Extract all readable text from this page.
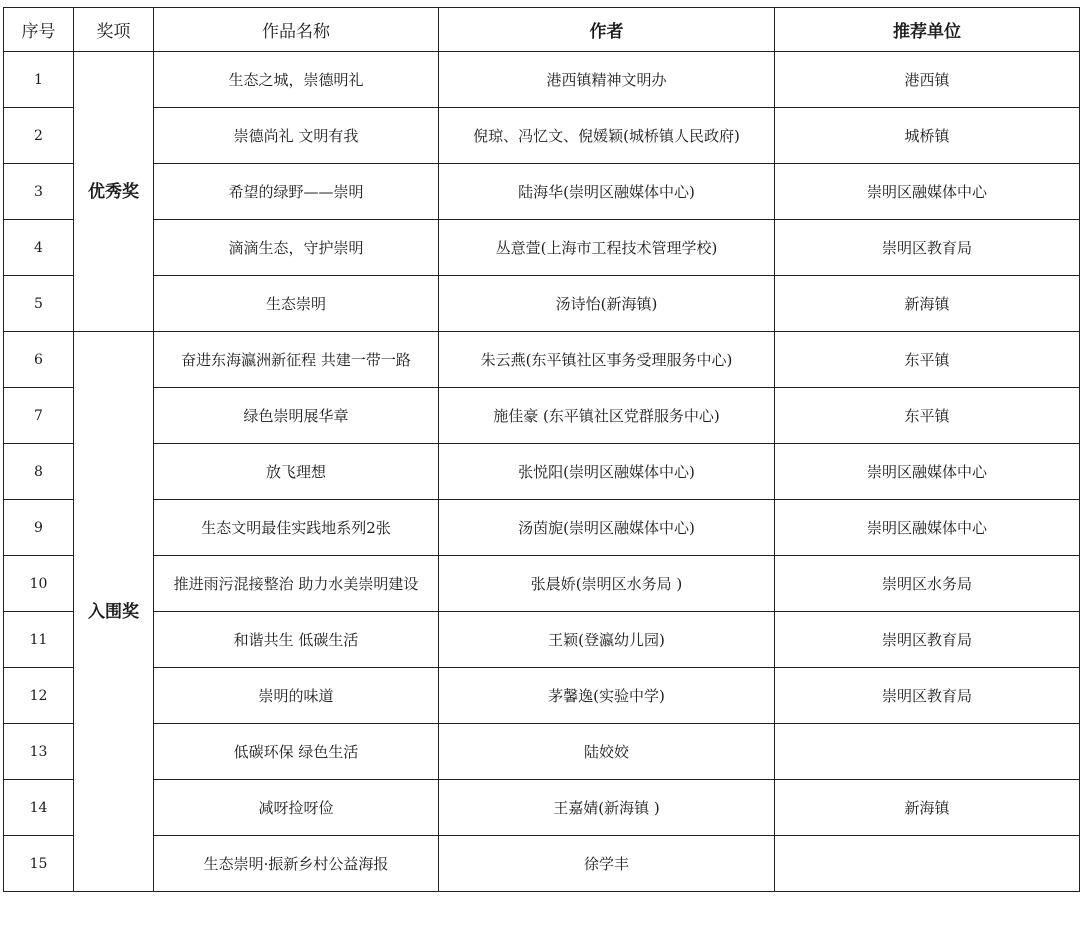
序号	奖项	作品名称	作者	推荐单位
1	优秀奖	生态之城，崇德明礼	港西镇精神文明办	港西镇
2		崇德尚礼 文明有我	倪琼、冯忆文、倪媛颖(城桥镇人民政府)	城桥镇
3		希望的绿野——崇明	陆海华(崇明区融媒体中心)	崇明区融媒体中心
4		滴滴生态，守护崇明	丛意萱(上海市工程技术管理学校)	崇明区教育局
5		生态崇明	汤诗怡(新海镇)	新海镇
6	入围奖	奋进东海瀛洲新征程 共建一带一路	朱云燕(东平镇社区事务受理服务中心)	东平镇
7		绿色崇明展华章	施佳豪 (东平镇社区党群服务中心)	东平镇
8		放飞理想	张悦阳(崇明区融媒体中心)	崇明区融媒体中心
9		生态文明最佳实践地系列2张	汤茵旎(崇明区融媒体中心)	崇明区融媒体中心
10		推进雨污混接整治 助力水美崇明建设	张晨娇(崇明区水务局 )	崇明区水务局
11		和谐共生 低碳生活	王颖(登瀛幼儿园)	崇明区教育局
12		崇明的味道	茅馨逸(实验中学)	崇明区教育局
13		低碳环保 绿色生活	陆姣姣	
14		减呀捡呀俭	王嘉婧(新海镇 )	新海镇
15		生态崇明·振新乡村公益海报	徐学丰	
